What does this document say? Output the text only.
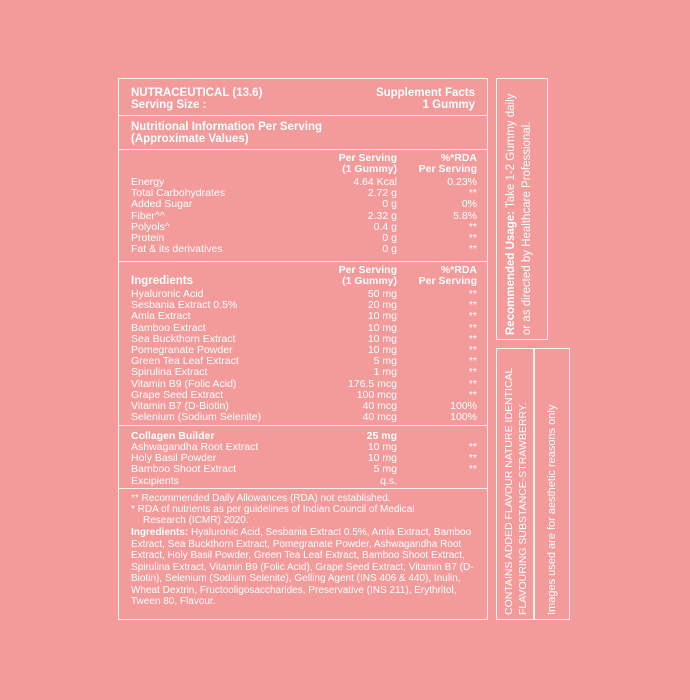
NUTRACEUTICAL (13.6)
Serving Size :
Supplement Facts
1 Gummy
Nutritional Information Per Serving
(Approximate Values)
Per Serving
(1 Gummy)
%*RDA
Per Serving
Energy	4.64 Kcal	0.23%
Total Carbohydrates	2.72 g	**
Added Sugar	0 g	0%
Fiber^^	2.32 g	5.8%
Polyols^	0.4 g	**
Protein	0 g	**
Fat & its derivatives	0 g	**
Ingredients
Per Serving
(1 Gummy)
%*RDA
Per Serving
Hyaluronic Acid	50 mg	**
Sesbania Extract 0.5%	20 mg	**
Amla Extract	10 mg	**
Bamboo Extract	10 mg	**
Sea Buckthorn Extract	10 mg	**
Pomegranate Powder	10 mg	**
Green Tea Leaf Extract	5 mg	**
Spirulina Extract	1 mg	**
Vitamin B9 (Folic Acid)	176.5 mcg	**
Grape Seed Extract	100 mcg	**
Vitamin B7 (D-Biotin)	40 mcg	100%
Selenium (Sodium Selenite)	40 mcg	100%
Collagen Builder	25 mg
Ashwagandha Root Extract	10 mg	**
Holy Basil Powder	10 mg	**
Bamboo Shoot Extract	5 mg	**
Excipients	q.s.
** Recommended Daily Allowances (RDA) not established.
* RDA of nutrients as per guidelines of Indian Council of Medical
Research (ICMR) 2020.
Ingredients: Hyaluronic Acid, Sesbania Extract 0.5%, Amla Extract, Bamboo Extract, Sea Buckthorn Extract, Pomegranate Powder, Ashwagandha Root Extract, Holy Basil Powder, Green Tea Leaf Extract, Bamboo Shoot Extract, Spirulina Extract, Vitamin B9 (Folic Acid), Grape Seed Extract, Vitamin B7 (D-Biotin), Selenium (Sodium Selenite), Gelling Agent (INS 406 & 440), Inulin, Wheat Dextrin, Fructooligosaccharides, Preservative (INS 211), Erythritol, Tween 80, Flavour.
Recommended Usage: Take 1-2 Gummy daily or as directed by Healthcare Professional.
CONTAINS ADDED FLAVOUR NATURE IDENTICAL FLAVOURING SUBSTANCE-STRAWBERRY. Images used are for aesthetic reasons only
